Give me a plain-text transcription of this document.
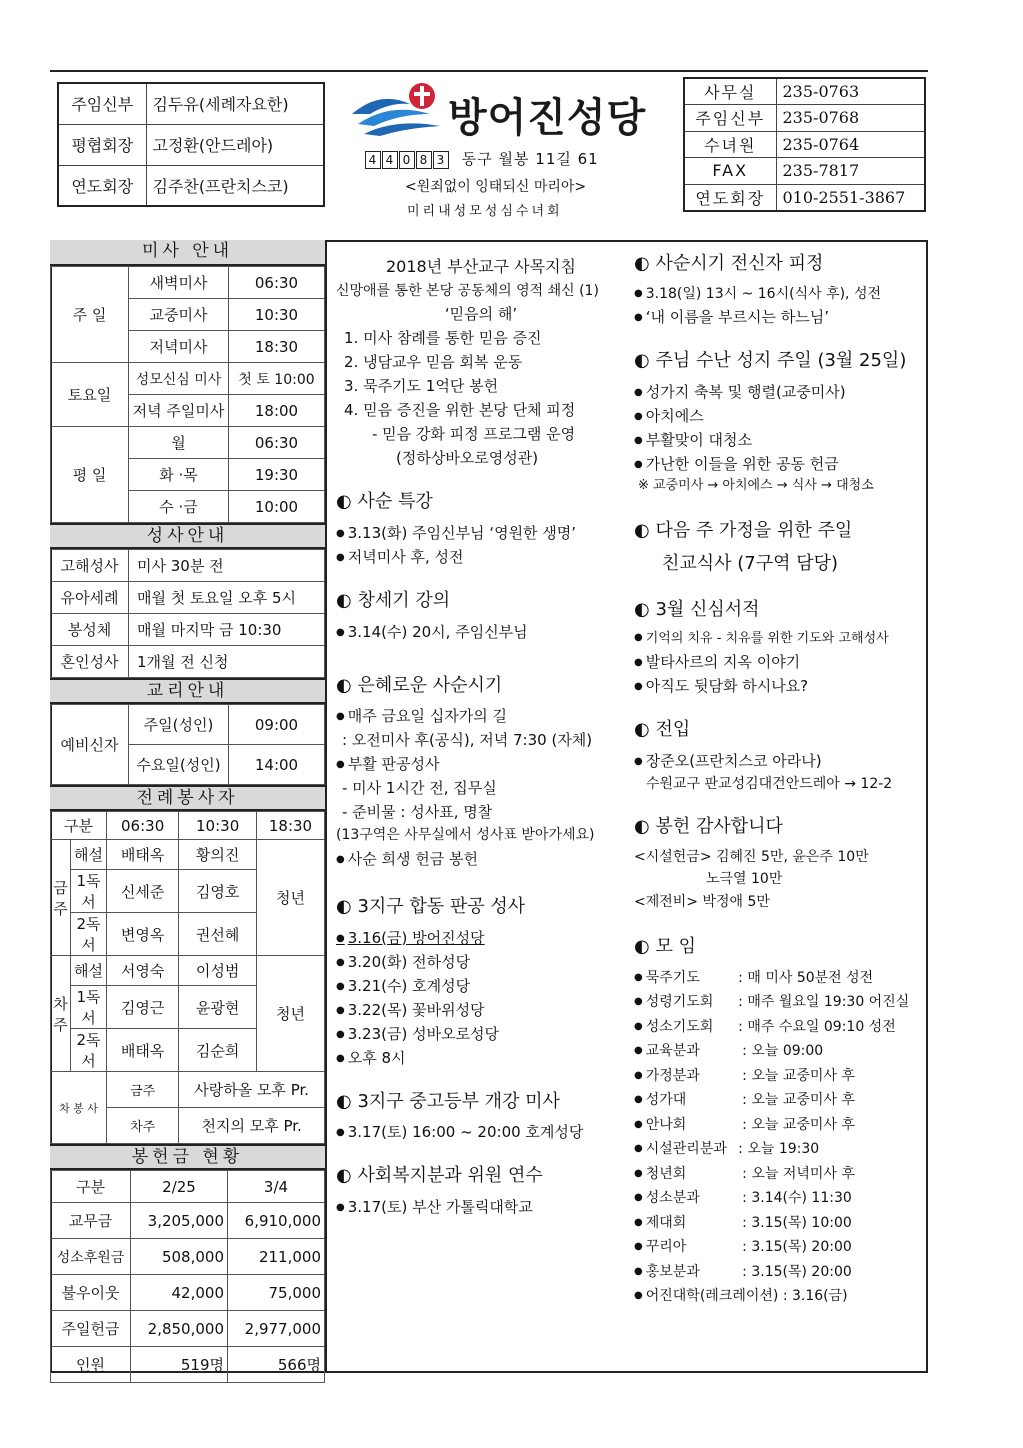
주임신부	김두유(세례자요한)
평협회장	고정환(안드레아)
연도회장	김주찬(프란치스코)
방어진성당
4 4 0 8 3 동구 월봉 11길 61
<원죄없이 잉태되신 마리아>
미리내성모성심수녀회
사무실	235-0763
주임신부	235-0768
수녀원	235-0764
FAX	235-7817
연도회장	010-2551-3867
미사 안내
주 일	새벽미사	06:30
	교중미사	10:30
	저녁미사	18:30
토요일	성모신심 미사	첫 토 10:00
	저녁 주일미사	18:00
평 일	월	06:30
	화 ·목	19:30
	수 ·금	10:00
성사안내
고해성사	미사 30분 전
유아세례	매월 첫 토요일 오후 5시
봉성체	매월 마지막 금 10:30
혼인성사	1개월 전 신청
교리안내
예비신자	주일(성인)	09:00
	수요일(성인)	14:00
전례봉사자
구분		06:30	10:30	18:30
금주	해설	배태옥	황의진	청년
	1독서	신세준	김영호	
	2독서	변영옥	권선혜	
차주	해설	서영숙	이성범	청년
	1독서	김영근	윤광현	
	2독서	배태옥	김순희	
차 봉 사		금주	사랑하올 모후 Pr.	
		차주	천지의 모후 Pr.	
봉헌금 현황
구분	2/25	3/4
교무금	3,205,000	6,910,000
성소후원금	508,000	211,000
불우이웃	42,000	75,000
주일헌금	2,850,000	2,977,000
인원	519명	566명

2018년 부산교구 사목지침

신망애를 통한 본당 공동체의 영적 쇄신 (1)

‘믿음의 해’

1. 미사 참례를 통한 믿음 증진

2. 냉담교우 믿음 회복 운동

3. 묵주기도 1억단 봉헌

4. 믿음 증진을 위한 본당 단체 피정

- 믿음 강화 피정 프로그램 운영

(정하상바오로영성관)

◐ 사순 특강

● 3.13(화) 주임신부님 ‘영원한 생명’

● 저녁미사 후, 성전

◐ 창세기 강의

● 3.14(수) 20시, 주임신부님

◐ 은혜로운 사순시기

● 매주 금요일 십자가의 길

: 오전미사 후(공식), 저녁 7:30 (자체)

● 부활 판공성사

- 미사 1시간 전, 집무실

- 준비물 : 성사표, 명찰

(13구역은 사무실에서 성사표 받아가세요)

● 사순 희생 헌금 봉헌

◐ 3지구 합동 판공 성사

● 3.16(금) 방어진성당

● 3.20(화) 전하성당

● 3.21(수) 호계성당

● 3.22(목) 꽃바위성당

● 3.23(금) 성바오로성당

● 오후 8시

◐ 3지구 중고등부 개강 미사

● 3.17(토) 16:00 ~ 20:00 호계성당

◐ 사회복지분과 위원 연수

● 3.17(토) 부산 가톨릭대학교

◐ 사순시기 전신자 피정

● 3.18(일) 13시 ~ 16시(식사 후), 성전

● ‘내 이름을 부르시는 하느님’

◐ 주님 수난 성지 주일 (3월 25일)

● 성가지 축복 및 행렬(교중미사)

● 아치에스

● 부활맞이 대청소

● 가난한 이들을 위한 공동 헌금

※ 교중미사 → 아치에스 → 식사 → 대청소

◐ 다음 주 가정을 위한 주일
친교식사 (7구역 담당)
◐ 3월 신심서적

● 기억의 치유 - 치유를 위한 기도와 고해성사

● 발타사르의 지옥 이야기

● 아직도 뒷담화 하시나요?

◐ 전입

● 장준오(프란치스코 아라나)

수원교구 판교성김대건안드레아 → 12-2

◐ 봉헌 감사합니다

<시설헌금> 김혜진 5만, 윤은주 10만

노극열 10만

<제전비> 박정애 5만

◐ 모 임

● 묵주기도 : 매 미사 50분전 성전

● 성령기도회 : 매주 월요일 19:30 어진실

● 성소기도회 : 매주 수요일 09:10 성전

● 교육분과	: 오늘 09:00

● 가정분과	: 오늘 교중미사 후

● 성가대	: 오늘 교중미사 후

● 안나회	: 오늘 교중미사 후

● 시설관리분과 : 오늘 19:30

● 청년회	: 오늘 저녁미사 후

● 성소분과	: 3.14(수) 11:30

● 제대회	: 3.15(목) 10:00

● 꾸리아	: 3.15(목) 20:00

● 홍보분과	: 3.15(목) 20:00

● 어진대학(레크레이션) : 3.16(금)
